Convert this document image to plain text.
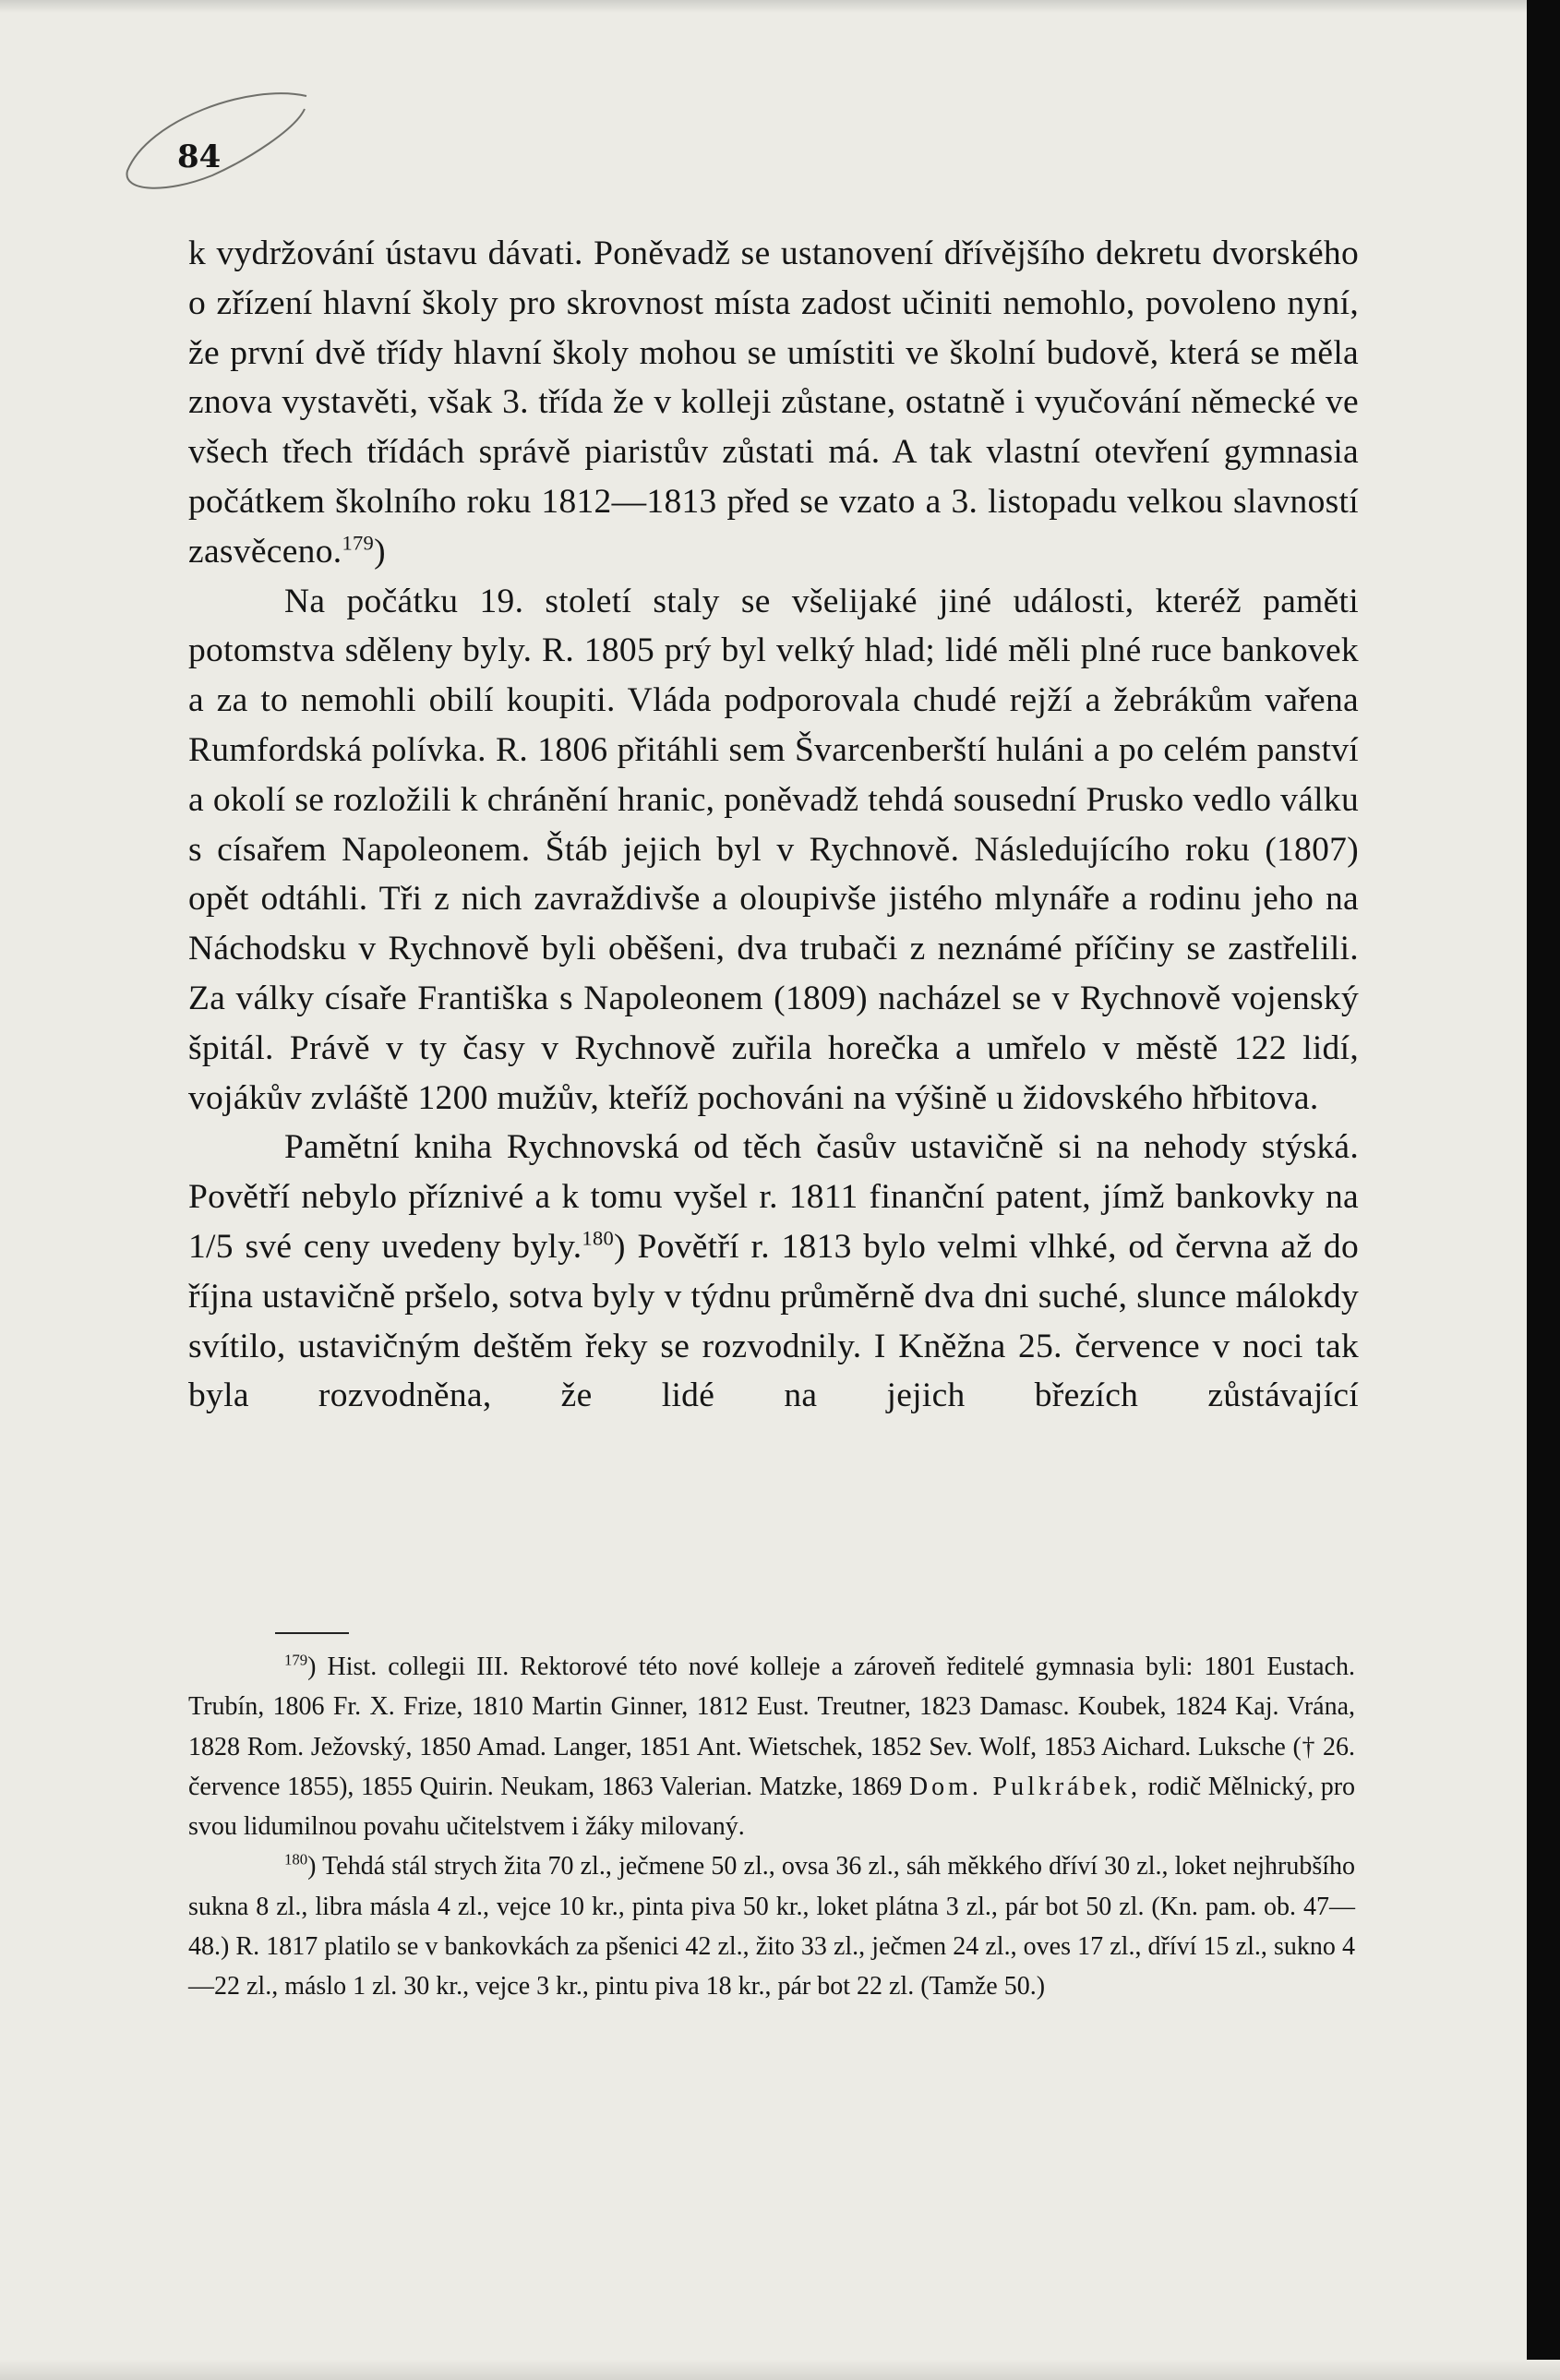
84

k vydržování ústavu dávati. Poněvadž se ustanovení dřívějšího dekretu dvorského o zřízení hlavní školy pro skrovnost místa zadost učiniti nemohlo, povoleno nyní, že první dvě třídy hlavní školy mohou se umístiti ve školní budově, která se měla znova vystavěti, však 3. třída že v kolleji zůstane, ostatně i vyučování německé ve všech třech třídách správě piaristův zůstati má. A tak vlastní otevření gymnasia počátkem školního roku 1812—1813 před se vzato a 3. listopadu velkou slavností zasvěceno.$^{179}$)

Na počátku 19. století staly se všelijaké jiné události, kteréž paměti potomstva sděleny byly. R. 1805 prý byl velký hlad; lidé měli plné ruce bankovek a za to nemohli obilí koupiti. Vláda podporovala chudé rejží a žebrákům vařena Rumfordská polívka. R. 1806 přitáhli sem Švarcenberští huláni a po celém panství a okolí se rozložili k chránění hranic, poněvadž tehdá sousední Prusko vedlo válku s císařem Napoleonem. Štáb jejich byl v Rychnově. Následujícího roku (1807) opět odtáhli. Tři z nich zavraždivše a oloupivše jistého mlynáře a rodinu jeho na Náchodsku v Rychnově byli oběšeni, dva trubači z neznámé příčiny se zastřelili. Za války císaře Františka s Napoleonem (1809) nacházel se v Rychnově vojenský špitál. Právě v ty časy v Rychnově zuřila horečka a umřelo v městě 122 lidí, vojákův zvláště 1200 mužův, kteříž pochováni na výšině u židovského hřbitova.

Pamětní kniha Rychnovská od těch časův ustavičně si na nehody stýská. Povětří nebylo příznivé a k tomu vyšel r. 1811 finanční patent, jímž bankovky na 1/5 své ceny uvedeny byly.$^{180}$) Povětří r. 1813 bylo velmi vlhké, od června až do října ustavičně pršelo, sotva byly v týdnu průměrně dva dni suché, slunce málokdy svítilo, ustavičným deštěm řeky se rozvodnily. I Kněžna 25. července v noci tak byla rozvodněna, že lidé na jejich březích zůstávající

$^{179}$) Hist. collegii III. Rektorové této nové kolleje a zároveň ředitelé gymnasia byli: 1801 Eustach. Trubín, 1806 Fr. X. Frize, 1810 Martin Ginner, 1812 Eust. Treutner, 1823 Damasc. Koubek, 1824 Kaj. Vrána, 1828 Rom. Ježovský, 1850 Amad. Langer, 1851 Ant. Wietschek, 1852 Sev. Wolf, 1853 Aichard. Luksche († 26. července 1855), 1855 Quirin. Neukam, 1863 Valerian. Matzke, 1869 Dom. Pulkrábek, rodič Mělnický, pro svou lidumilnou povahu učitelstvem i žáky milovaný.

$^{180}$) Tehdá stál strych žita 70 zl., ječmene 50 zl., ovsa 36 zl., sáh měkkého dříví 30 zl., loket nejhrubšího sukna 8 zl., libra másla 4 zl., vejce 10 kr., pinta piva 50 kr., loket plátna 3 zl., pár bot 50 zl. (Kn. pam. ob. 47—48.) R. 1817 platilo se v bankovkách za pšenici 42 zl., žito 33 zl., ječmen 24 zl., oves 17 zl., dříví 15 zl., sukno 4—22 zl., máslo 1 zl. 30 kr., vejce 3 kr., pintu piva 18 kr., pár bot 22 zl. (Tamže 50.)
